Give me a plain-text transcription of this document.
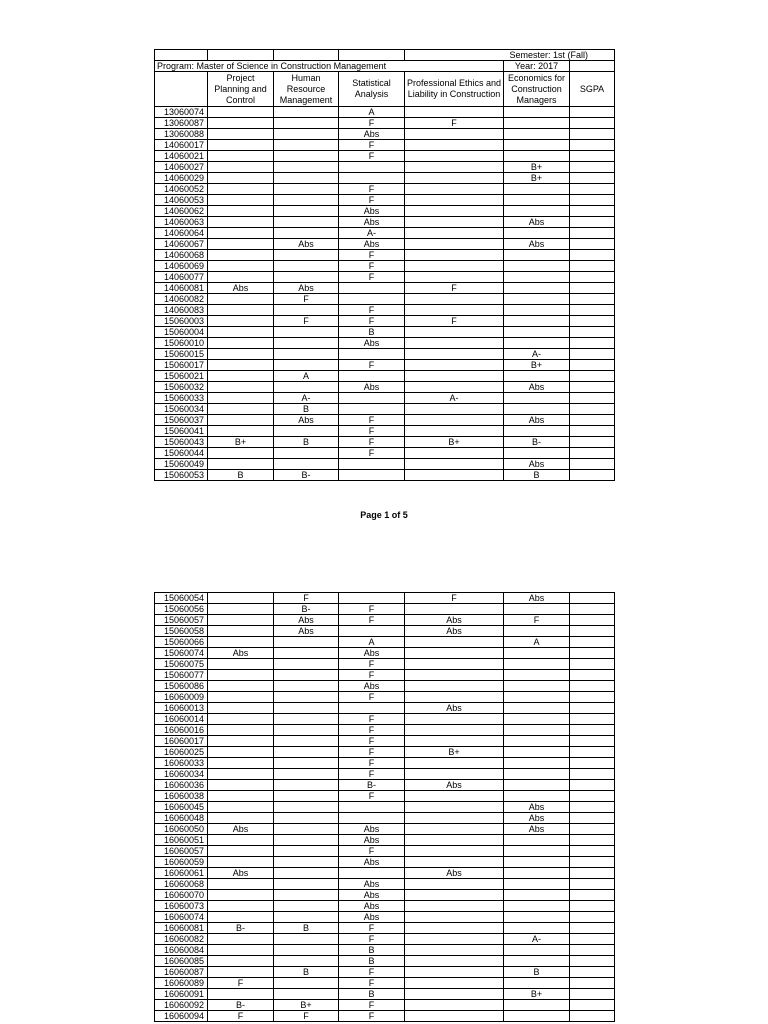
				Semester: 1st (Fall)		
Program: Master of Science in Construction Management					Year: 2017	
	Project Planning and Control	Human Resource Management	Statistical Analysis	Professional Ethics and Liability in Construction	Economics for Construction Managers	SGPA
13060074			A			
13060087			F	F		
13060088			Abs			
14060017			F			
14060021			F			
14060027					B+	
14060029					B+	
14060052			F			
14060053			F			
14060062			Abs			
14060063			Abs		Abs	
14060064			A-			
14060067		Abs	Abs		Abs	
14060068			F			
14060069			F			
14060077			F			
14060081	Abs	Abs		F		
14060082		F				
14060083			F			
15060003		F	F	F		
15060004			B			
15060010			Abs			
15060015					A-	
15060017			F		B+	
15060021		A				
15060032			Abs		Abs	
15060033		A-		A-		
15060034		B				
15060037		Abs	F		Abs	
15060041			F			
15060043	B+	B	F	B+	B-	
15060044			F			
15060049					Abs	
15060053	B	B-			B	
Page 1 of 5
15060054		F		F	Abs	
15060056		B-	F			
15060057		Abs	F	Abs	F	
15060058		Abs		Abs		
15060066			A		A	
15060074	Abs		Abs			
15060075			F			
15060077			F			
15060086			Abs			
16060009			F			
16060013				Abs		
16060014			F			
16060016			F			
16060017			F			
16060025			F	B+		
16060033			F			
16060034			F			
16060036			B-	Abs		
16060038			F			
16060045					Abs	
16060048					Abs	
16060050	Abs		Abs		Abs	
16060051			Abs			
16060057			F			
16060059			Abs			
16060061	Abs			Abs		
16060068			Abs			
16060070			Abs			
16060073			Abs			
16060074			Abs			
16060081	B-	B	F			
16060082			F		A-	
16060084			B			
16060085			B			
16060087		B	F		B	
16060089	F		F			
16060091			B		B+	
16060092	B-	B+	F			
16060094	F	F	F			
